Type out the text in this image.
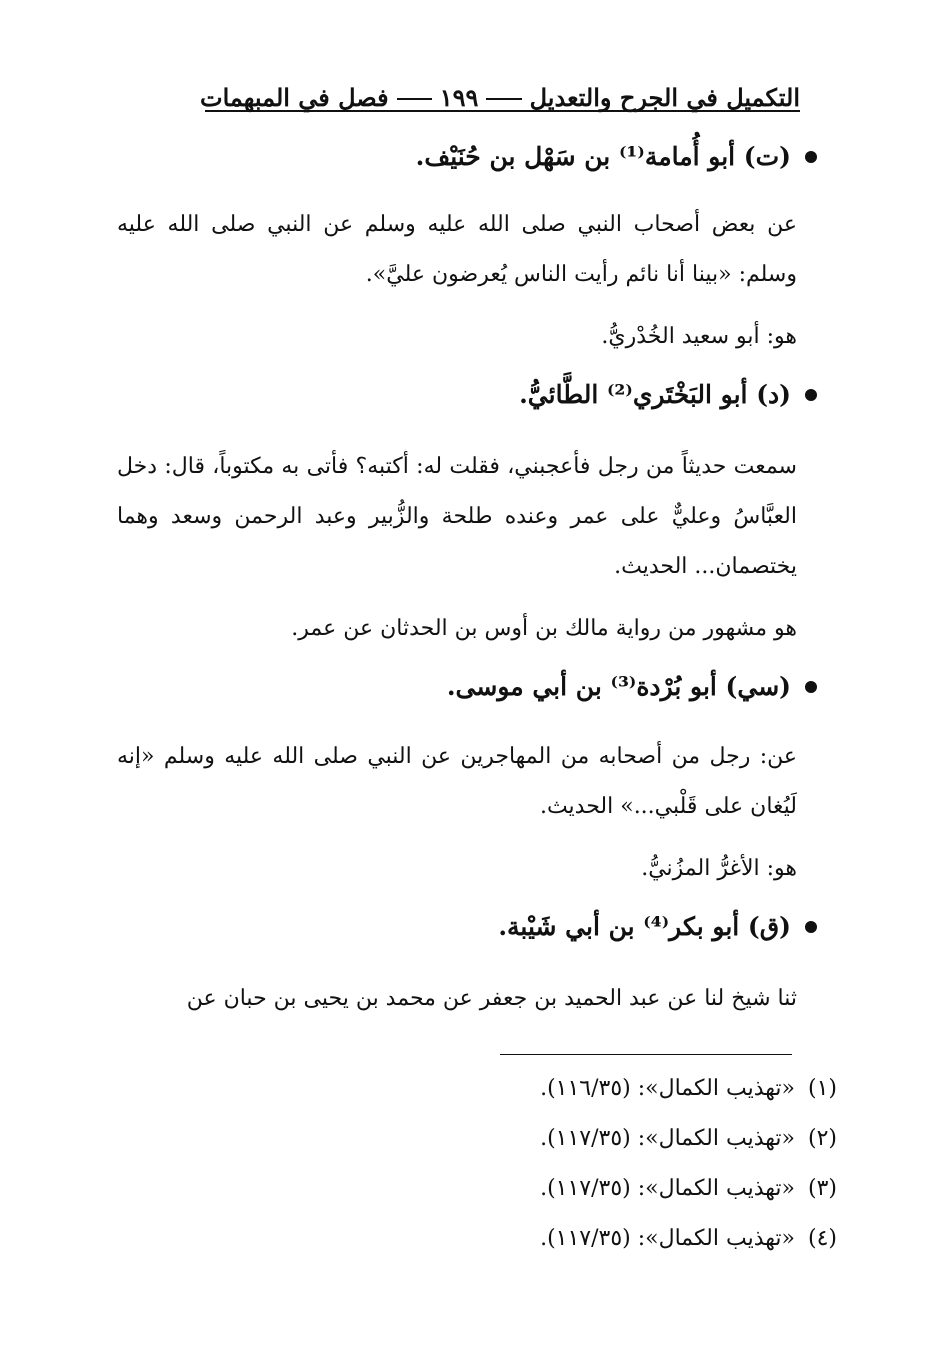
التكميل في الجرح والتعديل
١٩٩
فصل في المبهمات
(ت) أبو أُمامة⁽¹⁾ بن سَهْل بن حُنَيْف.
عن بعض أصحاب النبي صلى الله عليه وسلم عن النبي صلى الله عليه وسلم: «بينا أنا نائم رأيت الناس يُعرضون عليَّ».
هو: أبو سعيد الخُدْريُّ.
(د) أبو البَخْتَري⁽²⁾ الطَّائيُّ.
سمعت حديثاً من رجل فأعجبني، فقلت له: أكتبه؟ فأتى به مكتوباً، قال: دخل العبَّاسُ وعليٌّ على عمر وعنده طلحة والزُّبير وعبد الرحمن وسعد وهما يختصمان... الحديث.
هو مشهور من رواية مالك بن أوس بن الحدثان عن عمر.
(سي) أبو بُرْدة⁽³⁾ بن أبي موسى.
عن: رجل من أصحابه من المهاجرين عن النبي صلى الله عليه وسلم «إنه لَيُغان على قَلْبي...» الحديث.
هو: الأغرُّ المزُنيُّ.
(ق) أبو بكر⁽⁴⁾ بن أبي شَيْبة.
ثنا شيخ لنا عن عبد الحميد بن جعفر عن محمد بن يحيى بن حبان عن
(١) «تهذيب الكمال»: (١١٦/٣٥).
(٢) «تهذيب الكمال»: (١١٧/٣٥).
(٣) «تهذيب الكمال»: (١١٧/٣٥).
(٤) «تهذيب الكمال»: (١١٧/٣٥).
